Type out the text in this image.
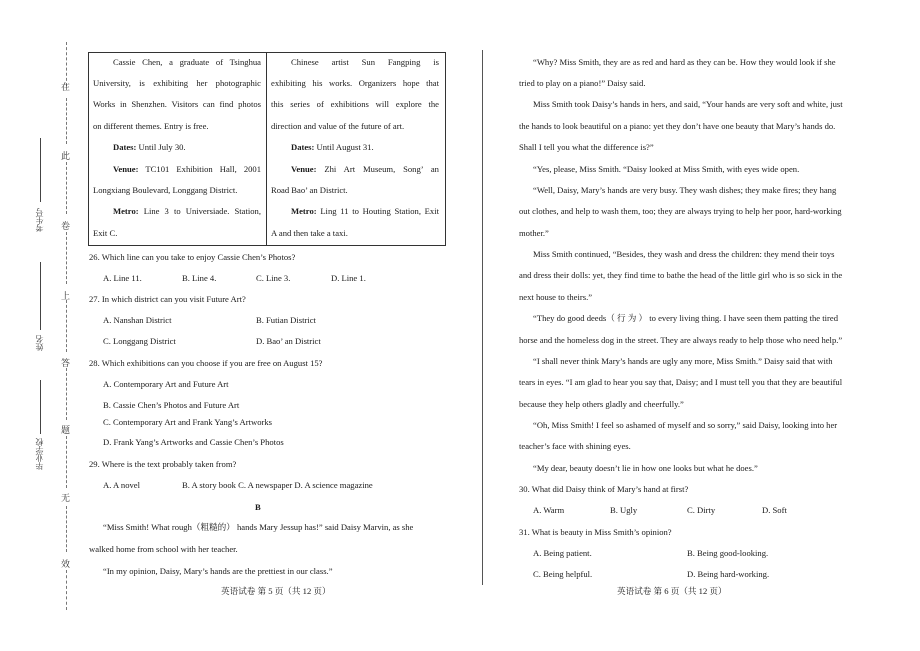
在
此
卷
上
答
题
无
效
考生号
姓名
毕业学校
Cassie Chen, a graduate of Tsinghua
University, is exhibiting her photographic
Works in Shenzhen. Visitors can find photos
on different themes. Entry is free.
Dates: Until July 30.
Venue: TC101 Exhibition Hall, 2001
Longxiang Boulevard, Longgang District.
Metro: Line 3 to Universiade. Station,
Exit C.
Chinese artist Sun Fangping is
exhibiting his works. Organizers hope that
this series of exhibitions will explore the
direction and value of the future of art.
Dates: Until August 31.
Venue: Zhi Art Museum, Song’ an
Road Bao’ an District.
Metro: Ling 11 to Houting Station, Exit
A and then take a taxi.
26. Which line can you take to enjoy Cassie Chen’s Photos?
A. Line 11.	B. Line 4.	C. Line 3.	D. Line 1.
27. In which district can you visit Future Art?
A. Nanshan District	B. Futian District
C. Longgang District	D. Bao’ an District
28. Which exhibitions can you choose if you are free on August 15?
A. Contemporary Art and Future Art
B. Cassie Chen’s Photos and Future Art
C. Contemporary Art and Frank Yang’s Artworks
D. Frank Yang’s Artworks and Cassie Chen’s Photos
29. Where is the text probably taken from?
A. A novel	B. A story book C. A newspaper D. A science magazine
B
“Miss Smith! What rough（粗糙的） hands Mary Jessup has!” said Daisy Marvin, as she
walked home from school with her teacher.
“In my opinion, Daisy, Mary’s hands are the prettiest in our class.”
英语试卷 第 5 页（共 12 页）
“Why? Miss Smith, they are as red and hard as they can be. How they would look if she
tried to play on a piano!” Daisy said.
Miss Smith took Daisy’s hands in hers, and said, “Your hands are very soft and white, just
the hands to look beautiful on a piano: yet they don’t have one beauty that Mary’s hands do.
Shall I tell you what the difference is?”
“Yes, please, Miss Smith. “Daisy looked at Miss Smith, with eyes wide open.
“Well, Daisy, Mary’s hands are very busy. They wash dishes; they make fires; they hang
out clothes, and help to wash them, too; they are always trying to help her poor, hard-working
mother.”
Miss Smith continued, “Besides, they wash and dress the children: they mend their toys
and dress their dolls: yet, they find time to bathe the head of the little girl who is so sick in the
next house to theirs.”
“They do good deeds（ 行 为 ） to every living thing. I have seen them patting the tired
horse and the homeless dog in the street. They are always ready to help those who need help.”
“I shall never think Mary’s hands are ugly any more, Miss Smith.” Daisy said that with
tears in eyes. “I am glad to hear you say that, Daisy; and I must tell you that they are beautiful
because they help others gladly and cheerfully.”
“Oh, Miss Smith! I feel so ashamed of myself and so sorry,” said Daisy, looking into her
teacher’s face with shining eyes.
“My dear, beauty doesn’t lie in how one looks but what he does.”
30. What did Daisy think of Mary’s hand at first?
A. Warm	B. Ugly	C. Dirty	D. Soft
31. What is beauty in Miss Smith’s opinion?
A. Being patient.	B. Being good-looking.
C. Being helpful.	D. Being hard-working.
英语试卷 第 6 页（共 12 页）
